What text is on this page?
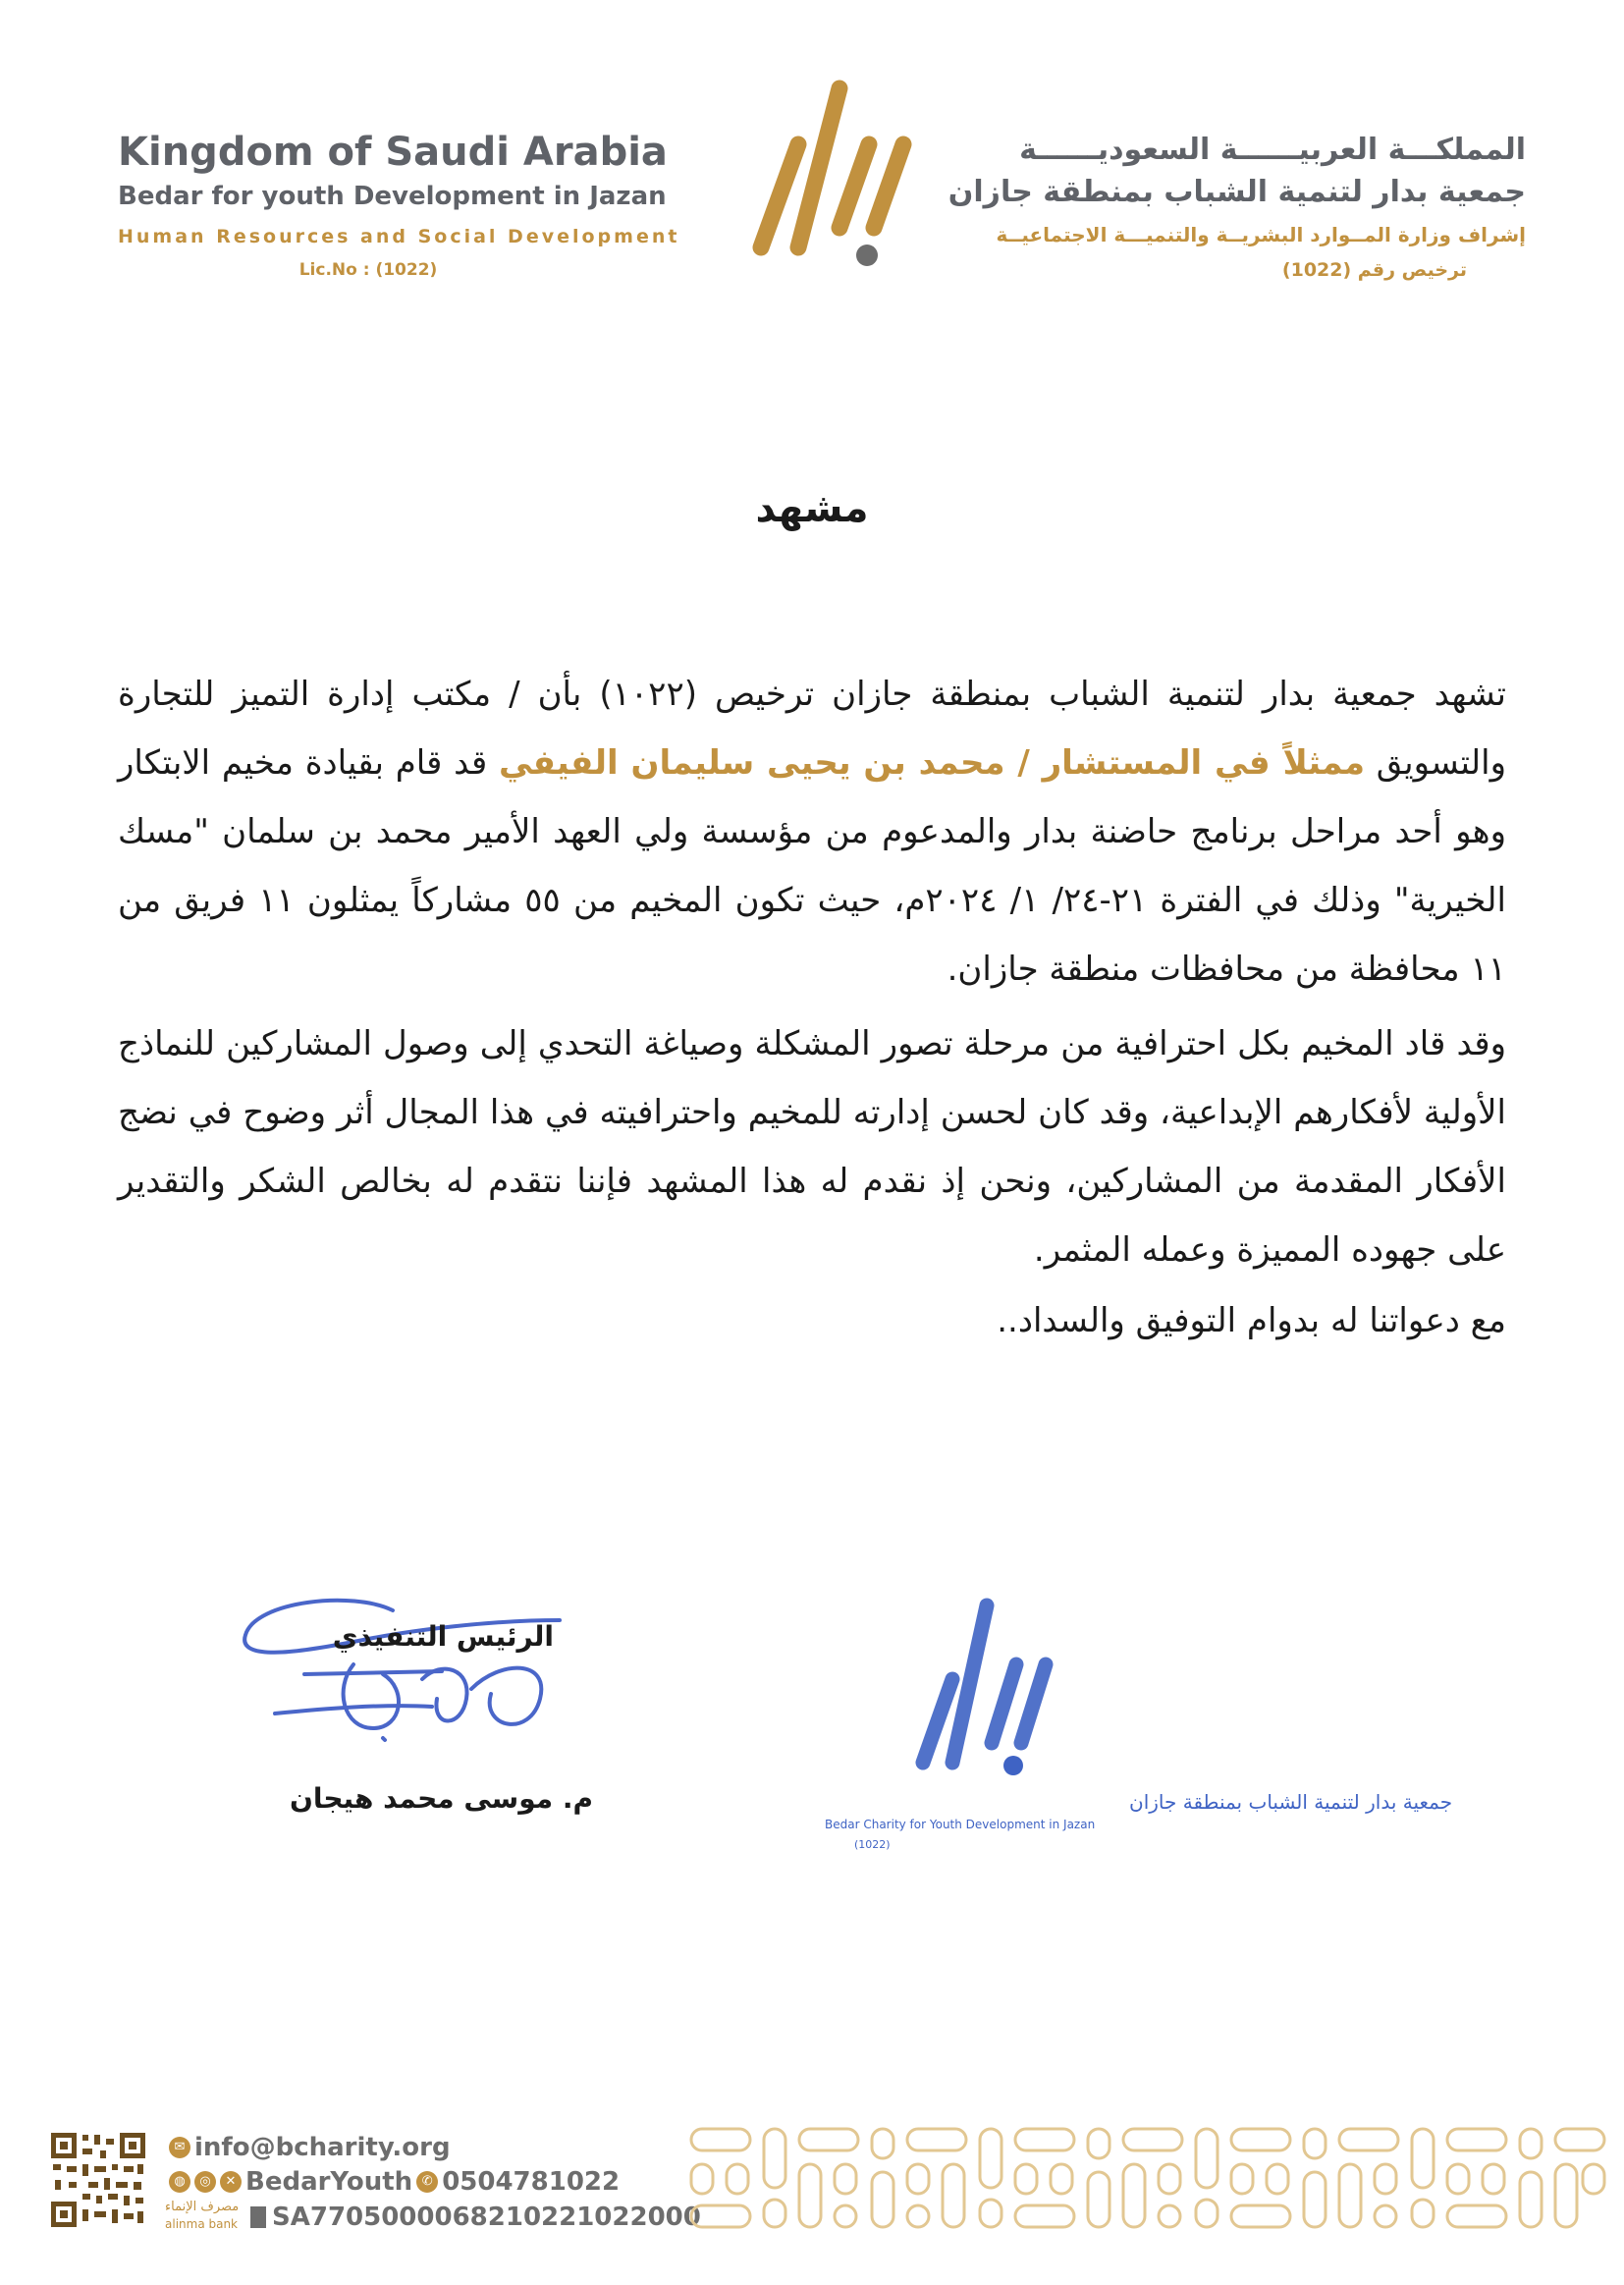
Kingdom of Saudi Arabia
Bedar for youth Development in Jazan
Human Resources and Social Development
Lic.No : (1022)
المملكـــة العربيــــــة السعوديــــــة
جمعية بدار لتنمية الشباب بمنطقة جازان
إشراف وزارة المــوارد البشريــة والتنميـــة الاجتماعيــة
ترخيص رقم (1022)
مشهد

تشهد جمعية بدار لتنمية الشباب بمنطقة جازان ترخيص (١٠٢٢) بأن / مكتب إدارة التميز للتجارة والتسويق ممثلاً في المستشار / محمد بن يحيى سليمان الفيفي قد قام بقيادة مخيم الابتكار وهو أحد مراحل برنامج حاضنة بدار والمدعوم من مؤسسة ولي العهد الأمير محمد بن سلمان "مسك الخيرية" وذلك في الفترة ٢١-٢٤/ ١/ ٢٠٢٤م، حيث تكون المخيم من ٥٥ مشاركاً يمثلون ١١ فريق من ١١ محافظة من محافظات منطقة جازان.

وقد قاد المخيم بكل احترافية من مرحلة تصور المشكلة وصياغة التحدي إلى وصول المشاركين للنماذج الأولية لأفكارهم الإبداعية، وقد كان لحسن إدارته للمخيم واحترافيته في هذا المجال أثر وضوح في نضج الأفكار المقدمة من المشاركين، ونحن إذ نقدم له هذا المشهد فإننا نتقدم له بخالص الشكر والتقدير على جهوده المميزة وعمله المثمر.

مع دعواتنا له بدوام التوفيق والسداد..

الرئيس التنفيذي
م. موسى محمد هيجان	جمعية بدار لتنمية الشباب بمنطقة جازان
Bedar Charity for Youth Development in Jazan
(1022)
✉ info@bcharity.org
◍	◎	✕ BedarYouth ✆ 0504781022
مصرف الإنماء
alinma bank SA7705000068210221022000
